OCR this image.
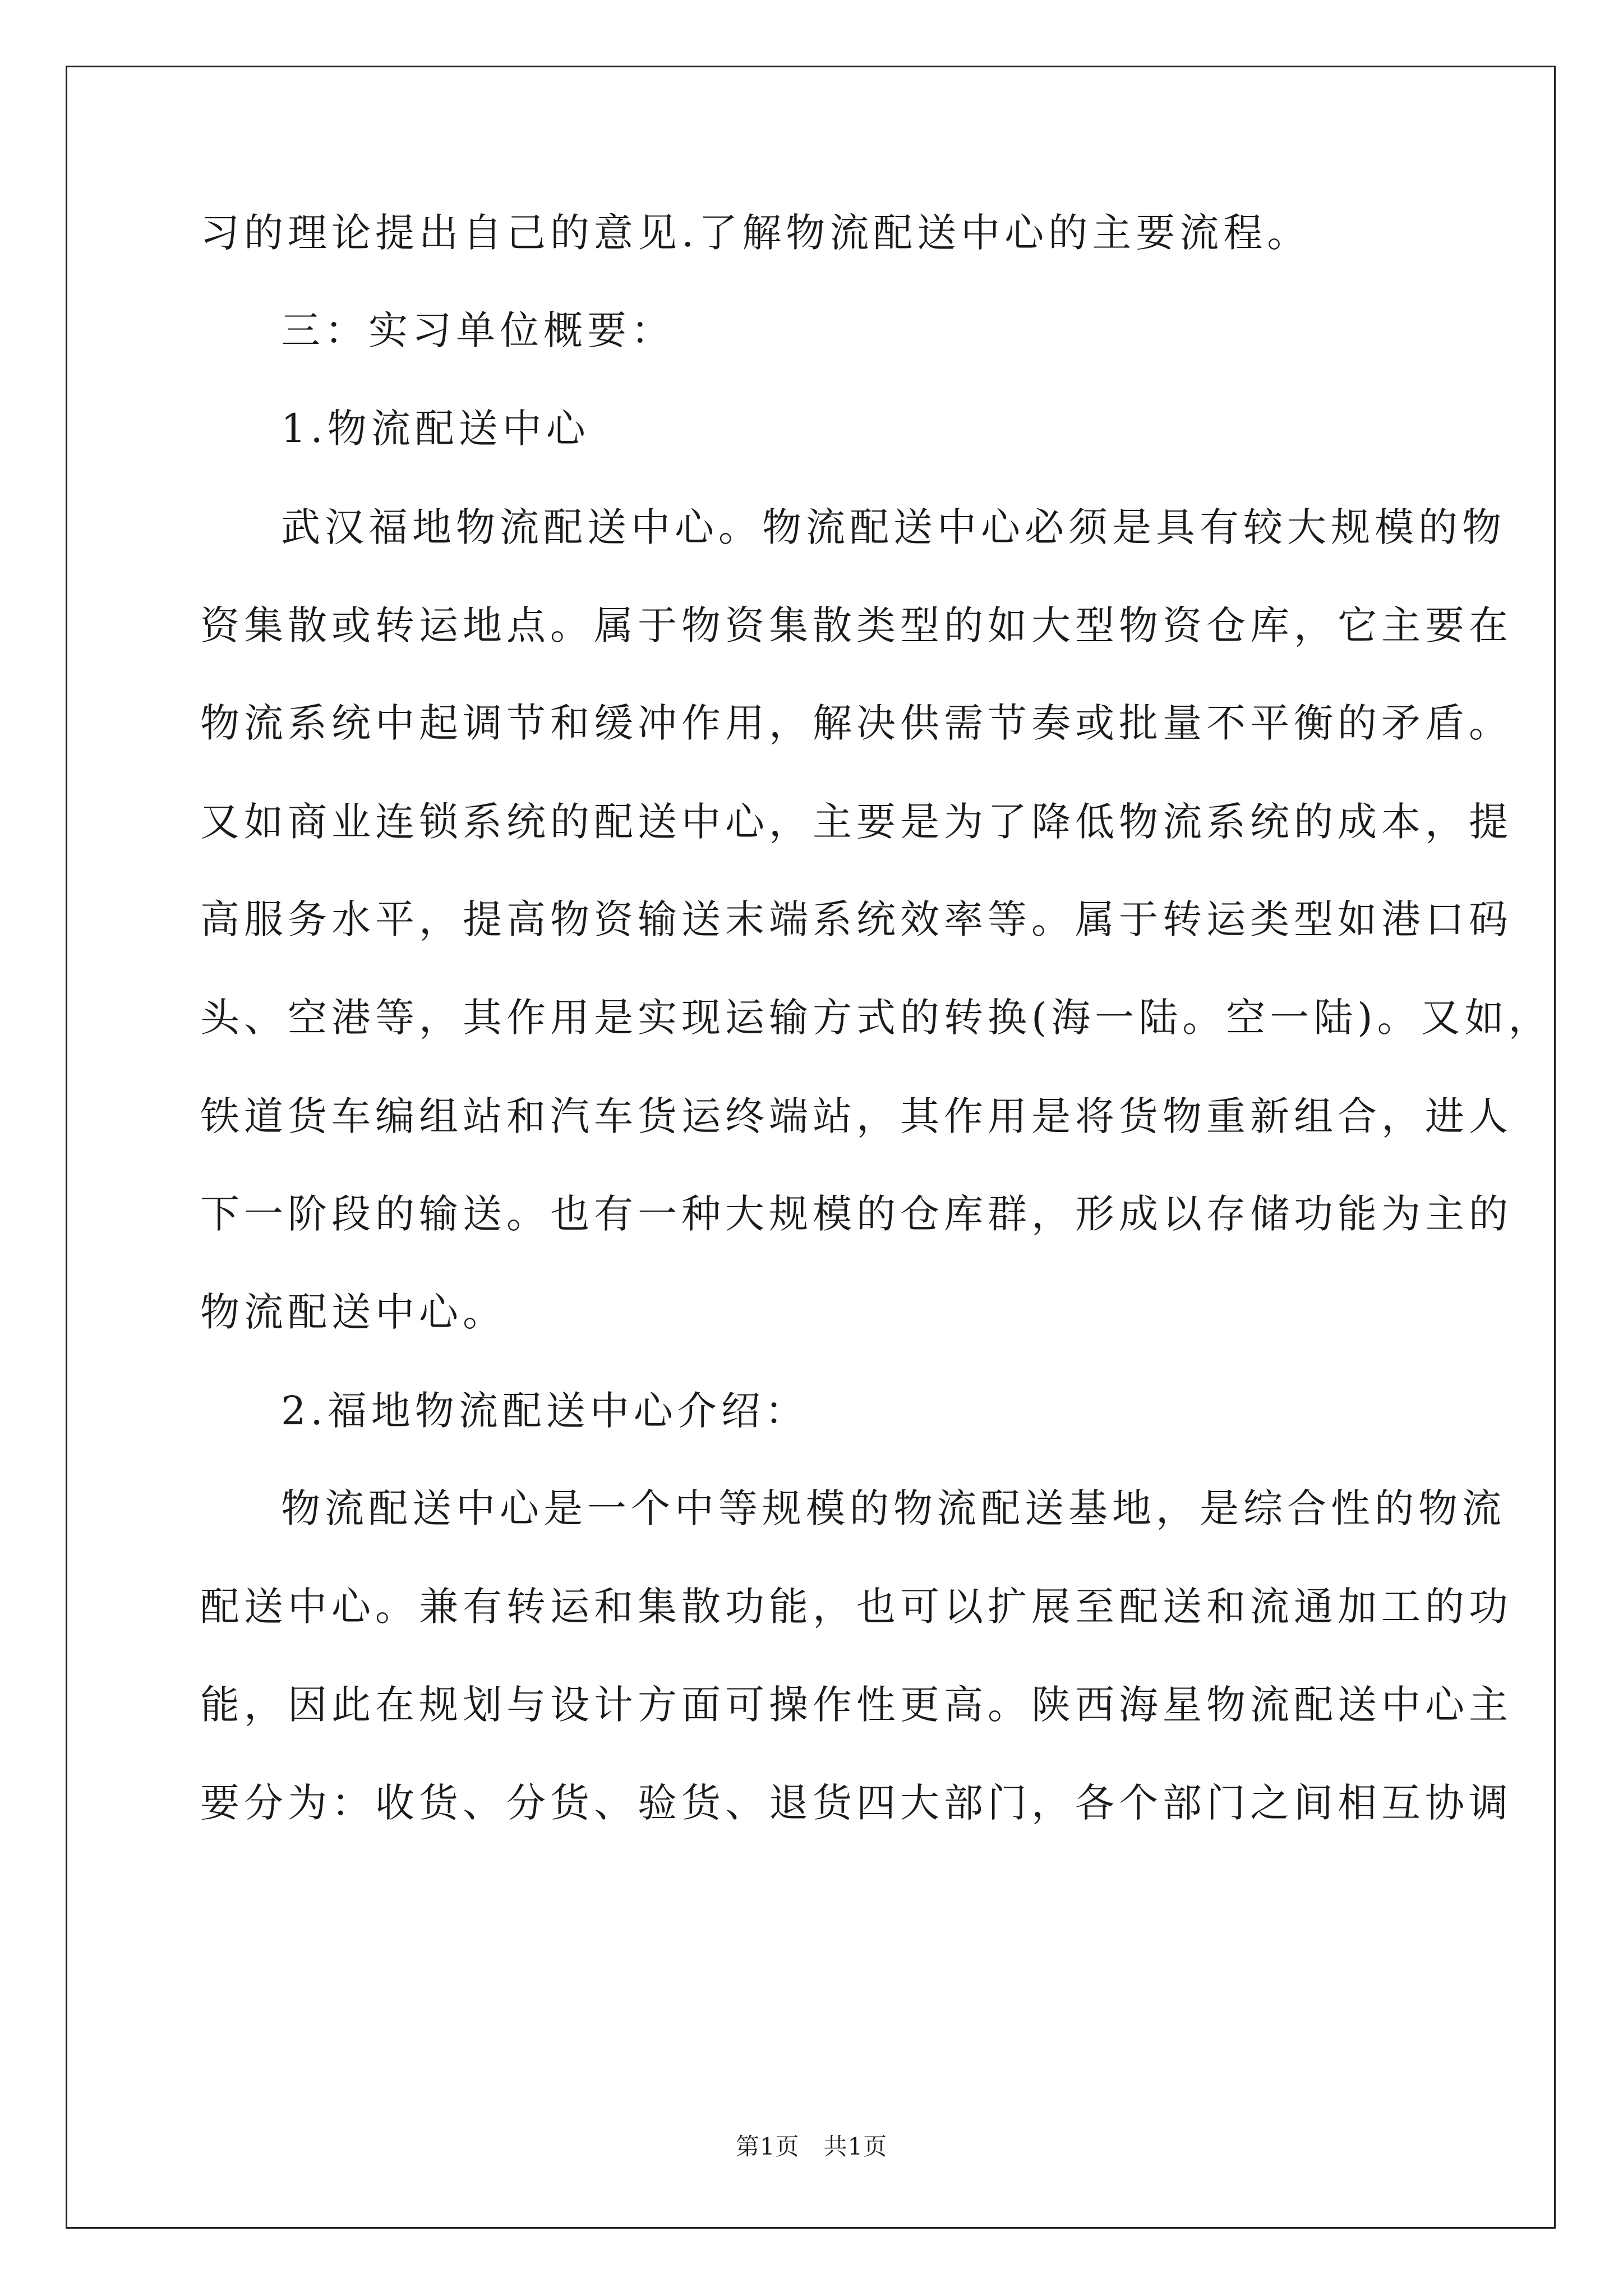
习的理论提出自己的意见.了解物流配送中心的主要流程。
三：实习单位概要：
1.物流配送中心
武汉福地物流配送中心。物流配送中心必须是具有较大规模的物
资集散或转运地点。属于物资集散类型的如大型物资仓库，它主要在
物流系统中起调节和缓冲作用，解决供需节奏或批量不平衡的矛盾。
又如商业连锁系统的配送中心，主要是为了降低物流系统的成本，提
高服务水平，提高物资输送末端系统效率等。属于转运类型如港口码
头、空港等，其作用是实现运输方式的转换(海一陆。空一陆)。又如，
铁道货车编组站和汽车货运终端站，其作用是将货物重新组合，进人
下一阶段的输送。也有一种大规模的仓库群，形成以存储功能为主的
物流配送中心。
2.福地物流配送中心介绍：
物流配送中心是一个中等规模的物流配送基地，是综合性的物流
配送中心。兼有转运和集散功能，也可以扩展至配送和流通加工的功
能，因此在规划与设计方面可操作性更高。陕西海星物流配送中心主
要分为：收货、分货、验货、退货四大部门，各个部门之间相互协调
第1页　共1页
